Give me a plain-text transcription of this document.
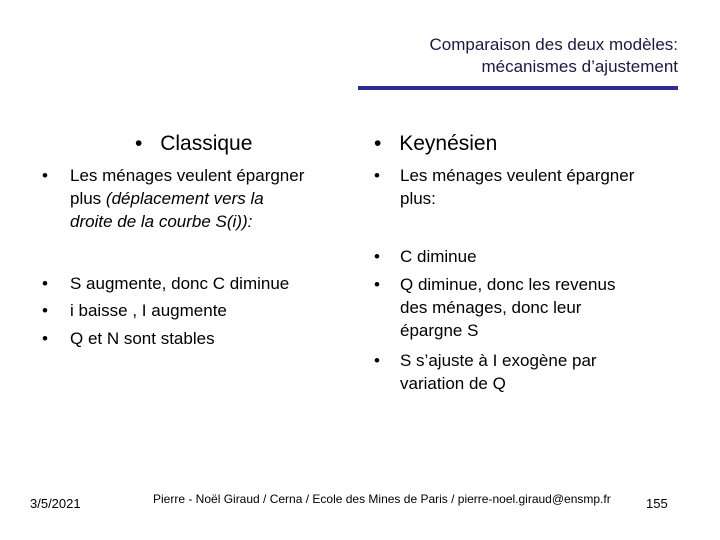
Comparaison des deux modèles:
mécanismes d’ajustement
• Classique
• Les ménages veulent épargner
plus (déplacement vers la
droite de la courbe S(i)):
• S augmente, donc C diminue
• i baisse , I augmente
• Q et N sont stables
• Keynésien
• Les ménages veulent épargner
plus:
• C diminue
• Q diminue, donc les revenus
des ménages, donc leur
épargne S
• S s’ajuste à I exogène par
variation de Q
3/5/2021	Pierre - Noël Giraud / Cerna / Ecole des Mines de Paris / pierre-noel.giraud@ensmp.fr	155
